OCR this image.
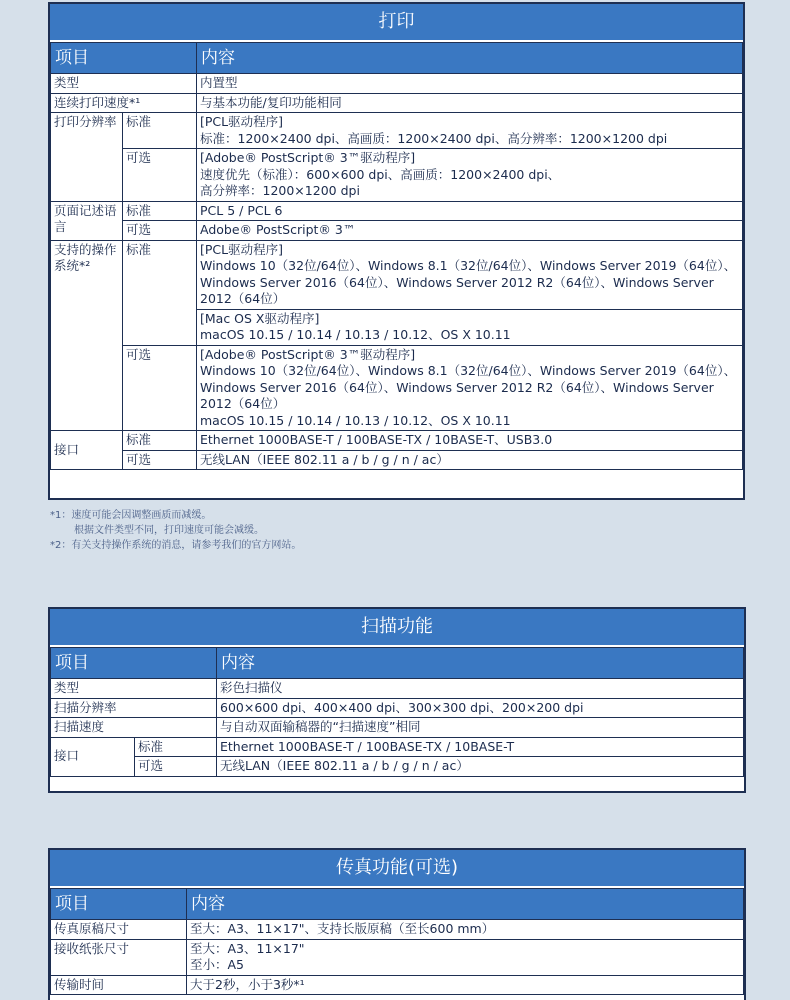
打印
项目		内容
类型		内置型
连续打印速度*¹		与基本功能/复印功能相同
打印分辨率	标准	[PCL驱动程序]
标准：1200×2400 dpi、高画质：1200×2400 dpi、高分辨率：1200×1200 dpi

	可选	[Adobe® PostScript® 3™驱动程序]
速度优先（标准）：600×600 dpi、高画质：1200×2400 dpi、
高分辨率：1200×1200 dpi

页面记述语言	标准	PCL 5 / PCL 6
	可选	Adobe® PostScript® 3™
支持的操作系统*²	标准	[PCL驱动程序]
Windows 10（32位/64位）、Windows 8.1（32位/64位）、Windows Server 2019（64位）、Windows Server 2016（64位）、Windows Server 2012 R2（64位）、Windows Server 2012（64位）

		[Mac OS X驱动程序]
macOS 10.15 / 10.14 / 10.13 / 10.12、OS X 10.11

	可选	[Adobe® PostScript® 3™驱动程序]
Windows 10（32位/64位）、Windows 8.1（32位/64位）、Windows Server 2019（64位）、Windows Server 2016（64位）、Windows Server 2012 R2（64位）、Windows Server 2012（64位）
macOS 10.15 / 10.14 / 10.13 / 10.12、OS X 10.11

接口	标准	Ethernet 1000BASE-T / 100BASE-TX / 10BASE-T、USB3.0
	可选	无线LAN（IEEE 802.11 a / b / g / n / ac）
*1：速度可能会因调整画质而减缓。
根据文件类型不同，打印速度可能会减缓。
*2：有关支持操作系统的消息，请参考我们的官方网站。
扫描功能
项目		内容
类型		彩色扫描仪
扫描分辨率		600×600 dpi、400×400 dpi、300×300 dpi、200×200 dpi
扫描速度		与自动双面输稿器的“扫描速度”相同
接口	标准	Ethernet 1000BASE-T / 100BASE-TX / 10BASE-T
	可选	无线LAN（IEEE 802.11 a / b / g / n / ac）
传真功能(可选)
项目	内容
传真原稿尺寸	至大：A3、11×17"、支持长版原稿（至长600 mm）
接收纸张尺寸	至大：A3、11×17"
至小：A5

传输时间	大于2秒，小于3秒*¹
